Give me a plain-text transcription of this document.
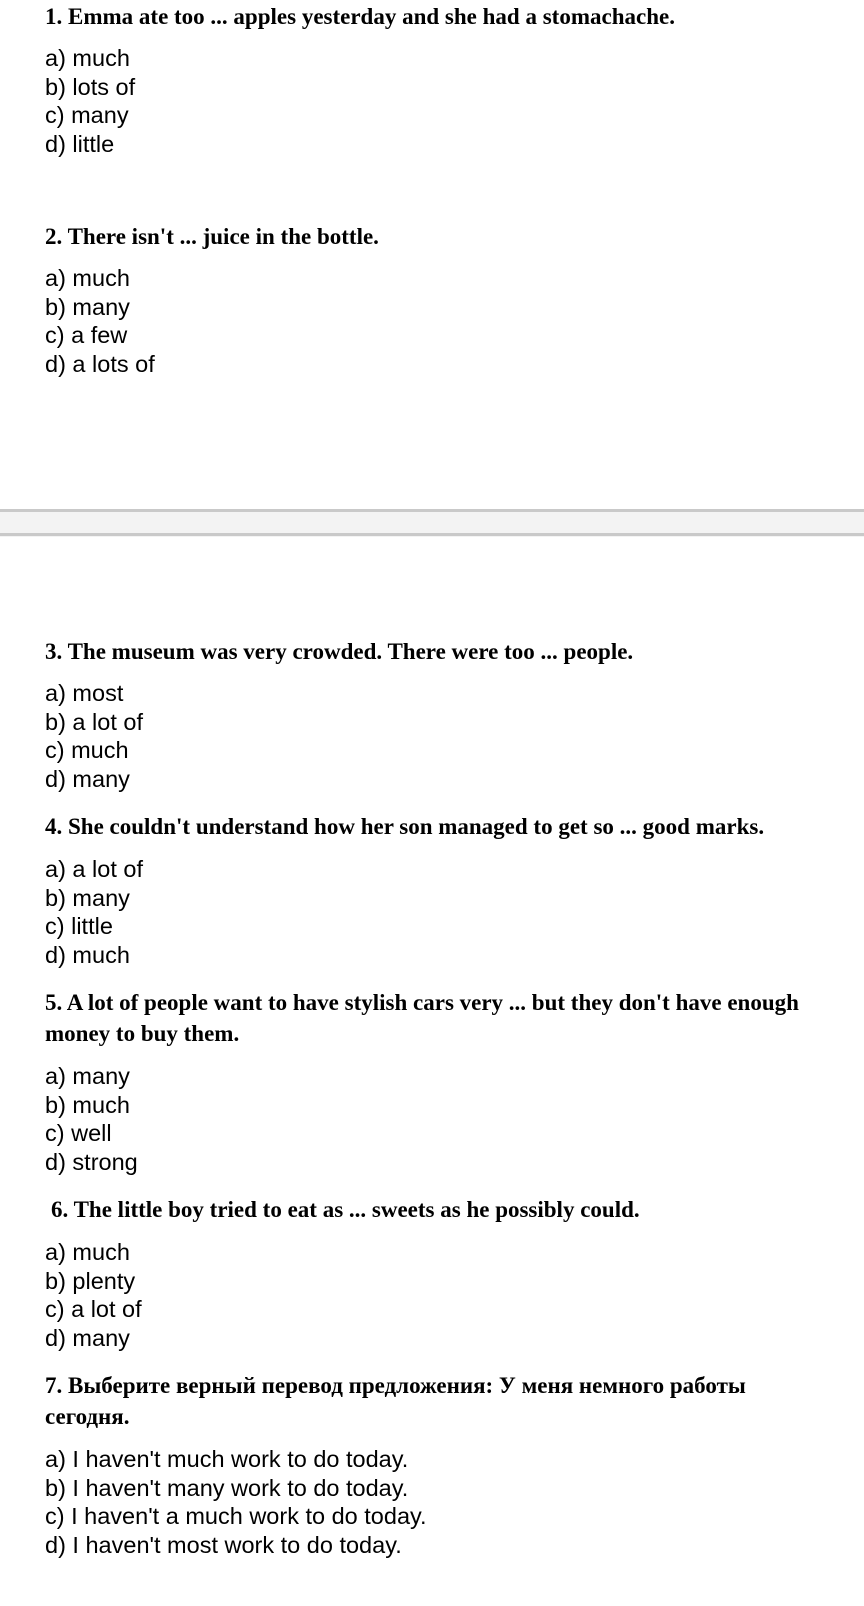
1. Emma ate too ... apples yesterday and she had a stomachache.

a) much
b) lots of
c) many
d) little

2. There isn't ... juice in the bottle.

a) much
b) many
c) a few
d) a lots of

3. The museum was very crowded. There were too ... people.

a) most
b) a lot of
c) much
d) many

4. She couldn't understand how her son managed to get so ... good marks.

a) a lot of
b) many
c) little
d) much

5. A lot of people want to have stylish cars very ... but they don't have enough

money to buy them.

a) many
b) much
c) well
d) strong

6. The little boy tried to eat as ... sweets as he possibly could.

a) much
b) plenty
c) a lot of
d) many

7. Выберите верный перевод предложения: У меня немного работы

сегодня.

a) I haven't much work to do today.
b) I haven't many work to do today.
c) I haven't a much work to do today.
d) I haven't most work to do today.
